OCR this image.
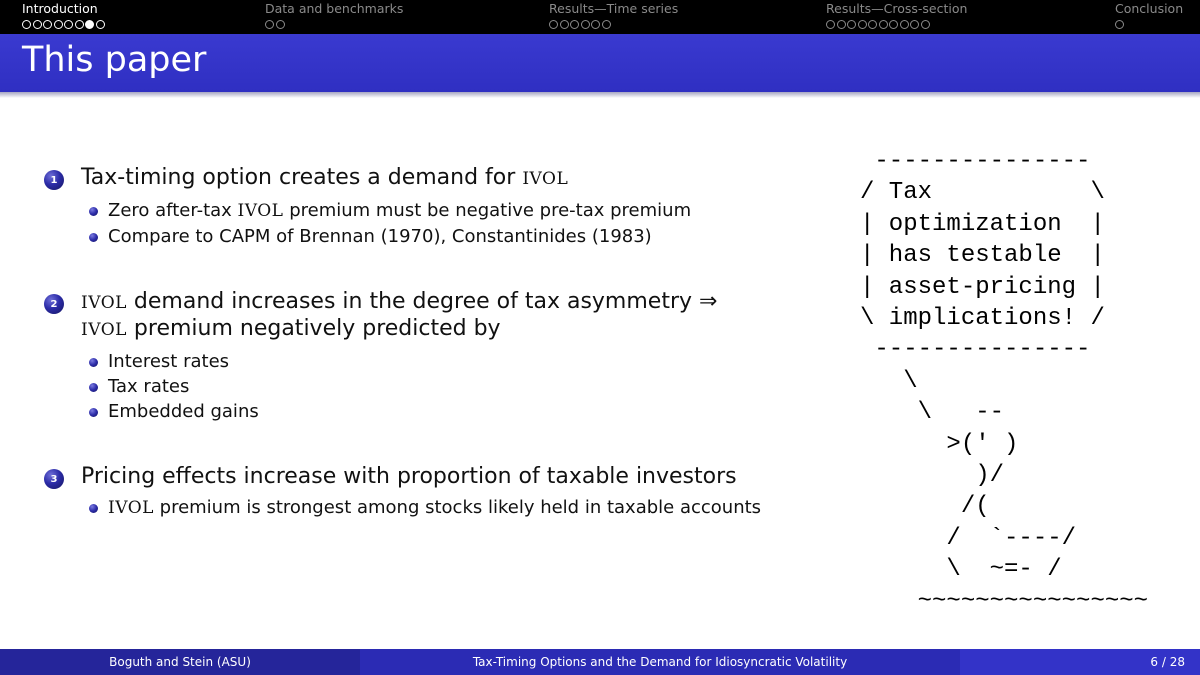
Introduction	Data and benchmarks	Results—Time series	Results—Cross-section	Conclusion
This paper
1 Tax-timing option creates a demand for IVOL
Zero after-tax IVOL premium must be negative pre-tax premium
Compare to CAPM of Brennan (1970), Constantinides (1983)
2	IVOL demand increases in the degree of tax asymmetry ⇒
IVOL premium negatively predicted by
Interest rates
Tax rates
Embedded gains
3 Pricing effects increase with proportion of taxable investors
IVOL premium is strongest among stocks likely held in taxable accounts
---------------
/ Tax           \
| optimization  |
| has testable  |
| asset-pricing |
\ implications! /
---------------
\
\   --
>(' )
)/
/(
/  `----/
\  ~=- /
~~~~~~~~~~~~~~~~
Boguth and Stein (ASU)	Tax-Timing Options and the Demand for Idiosyncratic Volatility	6 / 28
